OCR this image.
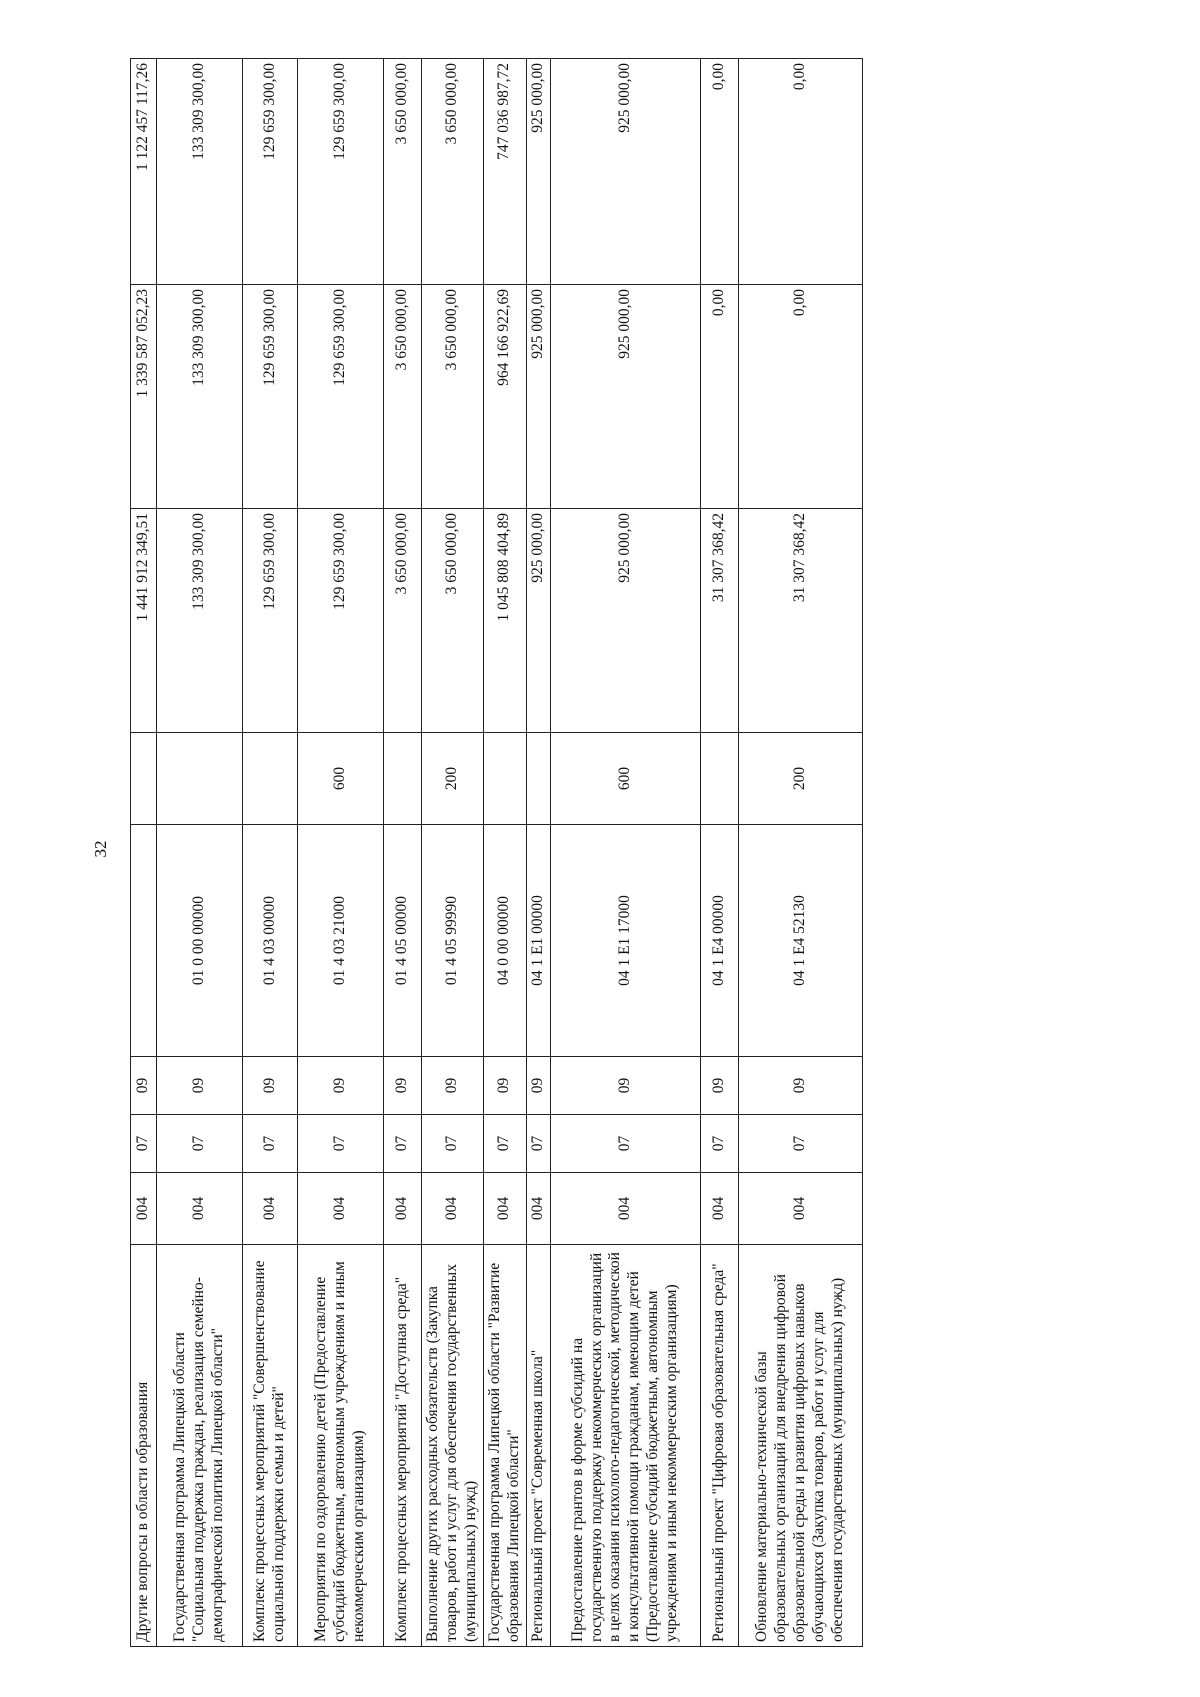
32
Другие вопросы в области образования	004	07	09			1 441 912 349,51	1 339 587 052,23	1 122 457 117,26
Государственная программа Липецкой области "Социальная поддержка граждан, реализация семейно-демографической политики Липецкой области"	004	07	09	01 0 00 00000		133 309 300,00	133 309 300,00	133 309 300,00
Комплекс процессных мероприятий "Совершенствование социальной поддержки семьи и детей"	004	07	09	01 4 03 00000		129 659 300,00	129 659 300,00	129 659 300,00
Мероприятия по оздоровлению детей (Предоставление субсидий бюджетным, автономным учреждениям и иным некоммерческим организациям)	004	07	09	01 4 03 21000	600	129 659 300,00	129 659 300,00	129 659 300,00
Комплекс процессных мероприятий "Доступная среда"	004	07	09	01 4 05 00000		3 650 000,00	3 650 000,00	3 650 000,00
Выполнение других расходных обязательств (Закупка товаров, работ и услуг для обеспечения государственных (муниципальных) нужд)	004	07	09	01 4 05 99990	200	3 650 000,00	3 650 000,00	3 650 000,00
Государственная программа Липецкой области "Развитие образования Липецкой области"	004	07	09	04 0 00 00000		1 045 808 404,89	964 166 922,69	747 036 987,72
Региональный проект "Современная школа"	004	07	09	04 1 E1 00000		925 000,00	925 000,00	925 000,00
Предоставление грантов в форме субсидий на государственную поддержку некоммерческих организаций в целях оказания психолого-педагогической, методической и консультативной помощи гражданам, имеющим детей (Предоставление субсидий бюджетным, автономным учреждениям и иным некоммерческим организациям)	004	07	09	04 1 E1 17000	600	925 000,00	925 000,00	925 000,00
Региональный проект "Цифровая образовательная среда"	004	07	09	04 1 E4 00000		31 307 368,42	0,00	0,00
Обновление материально-технической базы образовательных организаций для внедрения цифровой образовательной среды и развития цифровых навыков обучающихся (Закупка товаров, работ и услуг для обеспечения государственных (муниципальных) нужд)	004	07	09	04 1 E4 52130	200	31 307 368,42	0,00	0,00
